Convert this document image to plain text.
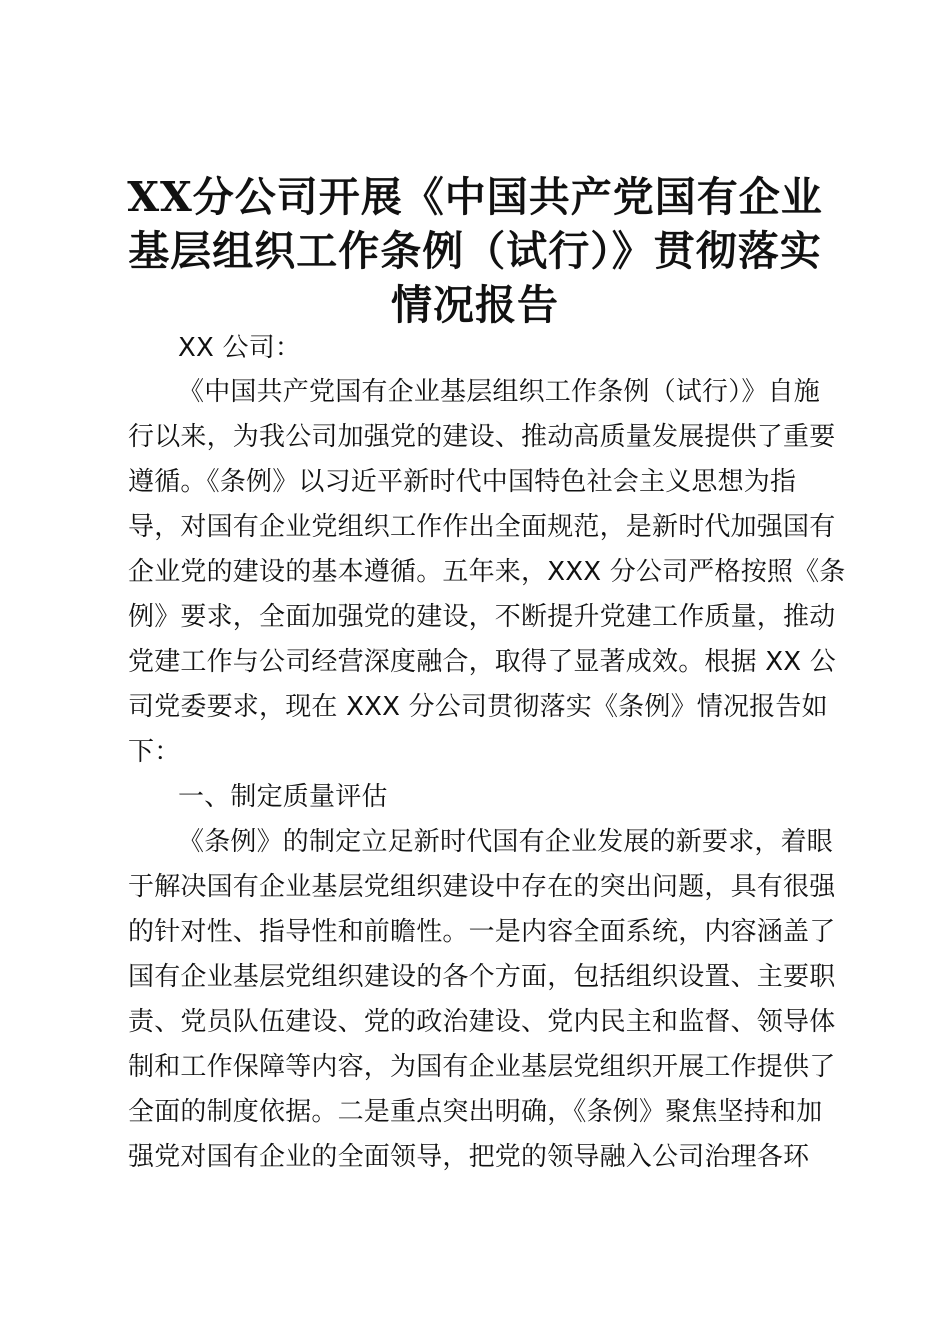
XX分公司开展《中国共产党国有企业
基层组织工作条例（试行）》贯彻落实
情况报告
XX 公司：
《中国共产党国有企业基层组织工作条例（试行）》自施
行以来，为我公司加强党的建设、推动高质量发展提供了重要
遵循。《条例》以习近平新时代中国特色社会主义思想为指
导，对国有企业党组织工作作出全面规范，是新时代加强国有
企业党的建设的基本遵循。五年来，XXX 分公司严格按照《条
例》要求，全面加强党的建设，不断提升党建工作质量，推动
党建工作与公司经营深度融合，取得了显著成效。根据 XX 公
司党委要求，现在 XXX 分公司贯彻落实《条例》情况报告如
下：
一、制定质量评估
《条例》的制定立足新时代国有企业发展的新要求，着眼
于解决国有企业基层党组织建设中存在的突出问题，具有很强
的针对性、指导性和前瞻性。一是内容全面系统，内容涵盖了
国有企业基层党组织建设的各个方面，包括组织设置、主要职
责、党员队伍建设、党的政治建设、党内民主和监督、领导体
制和工作保障等内容，为国有企业基层党组织开展工作提供了
全面的制度依据。二是重点突出明确，《条例》聚焦坚持和加
强党对国有企业的全面领导，把党的领导融入公司治理各环
